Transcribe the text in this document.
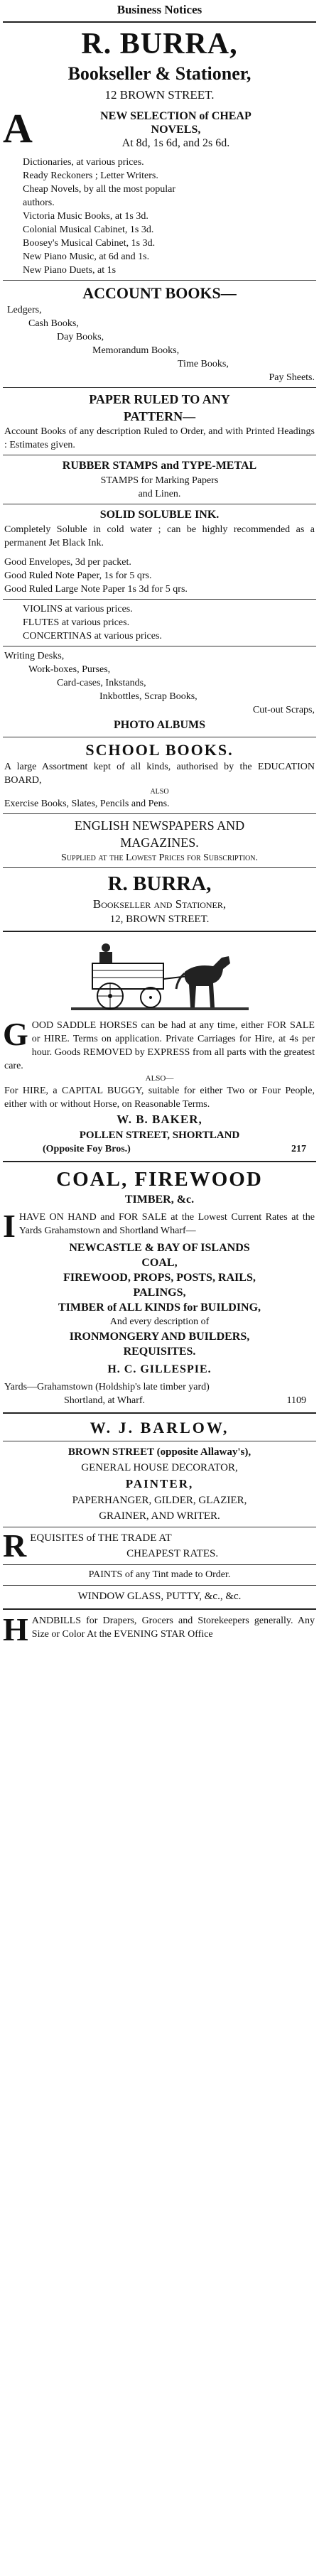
Business Notices
R. BURRA,
Bookseller & Stationer,
12 BROWN STREET.
A	NEW SELECTION of CHEAP
NOVELS,
At 8d, 1s 6d, and 2s 6d.
Dictionaries, at various prices.
Ready Reckoners ; Letter Writers.
Cheap Novels, by all the most popular
authors.
Victoria Music Books, at 1s 3d.
Colonial Musical Cabinet, 1s 3d.
Boosey's Musical Cabinet, 1s 3d.
New Piano Music, at 6d and 1s.
New Piano Duets, at 1s
ACCOUNT BOOKS—
Ledgers,
Cash Books,
Day Books,
Memorandum Books,
Time Books,
Pay Sheets.
PAPER RULED TO ANY
PATTERN—
Account Books of any description Ruled to Order, and with Printed Headings : Estimates given.
RUBBER STAMPS and TYPE-METAL
STAMPS for Marking Papers
and Linen.
SOLID SOLUBLE INK.
Completely Soluble in cold water ; can be highly recommended as a permanent Jet Black Ink.
Good Envelopes, 3d per packet.
Good Ruled Note Paper, 1s for 5 qrs.
Good Ruled Large Note Paper 1s 3d for 5 qrs.
VIOLINS at various prices.
FLUTES at various prices.
CONCERTINAS at various prices.
Writing Desks,
Work-boxes, Purses,
Card-cases, Inkstands,
Inkbottles, Scrap Books,
Cut-out Scraps,
PHOTO ALBUMS
SCHOOL BOOKS.
A large Assortment kept of all kinds, authorised by the EDUCATION BOARD,
ALSO
Exercise Books, Slates, Pencils and Pens.
ENGLISH NEWSPAPERS AND
MAGAZINES.
Supplied at the Lowest Prices for Subscription.
R. BURRA,
Bookseller and Stationer,
12, BROWN STREET.
G OOD SADDLE HORSES can be had at any time, either FOR SALE or HIRE. Terms on application. Private Carriages for Hire, at 4s per hour. Goods REMOVED by EXPRESS from all parts with the greatest care.
ALSO—
For HIRE, a CAPITAL BUGGY, suitable for either Two or Four People, either with or without Horse, on Reasonable Terms.
W. B. BAKER,
POLLEN STREET, SHORTLAND
(Opposite Foy Bros.)	217
COAL, FIREWOOD
TIMBER, &c.
I HAVE ON HAND and FOR SALE at the Lowest Current Rates at the Yards Grahamstown and Shortland Wharf—
NEWCASTLE & BAY OF ISLANDS
COAL,
FIREWOOD, PROPS, POSTS, RAILS,
PALINGS,
TIMBER of ALL KINDS for BUILDING,
And every description of
IRONMONGERY AND BUILDERS,
REQUISITES.
H. C. GILLESPIE.
Yards—Grahamstown (Holdship's late timber yard)
Shortland, at Wharf.	1109
W. J. BARLOW,
BROWN STREET (opposite Allaway's),
GENERAL HOUSE DECORATOR,
PAINTER,
PAPERHANGER, GILDER, GLAZIER,
GRAINER, AND WRITER.
R EQUISITES of THE TRADE AT
CHEAPEST RATES.
PAINTS of any Tint made to Order.
WINDOW GLASS, PUTTY, &c., &c.
H ANDBILLS for Drapers, Grocers and Storekeepers generally. Any Size or Color At the EVENING STAR Office
